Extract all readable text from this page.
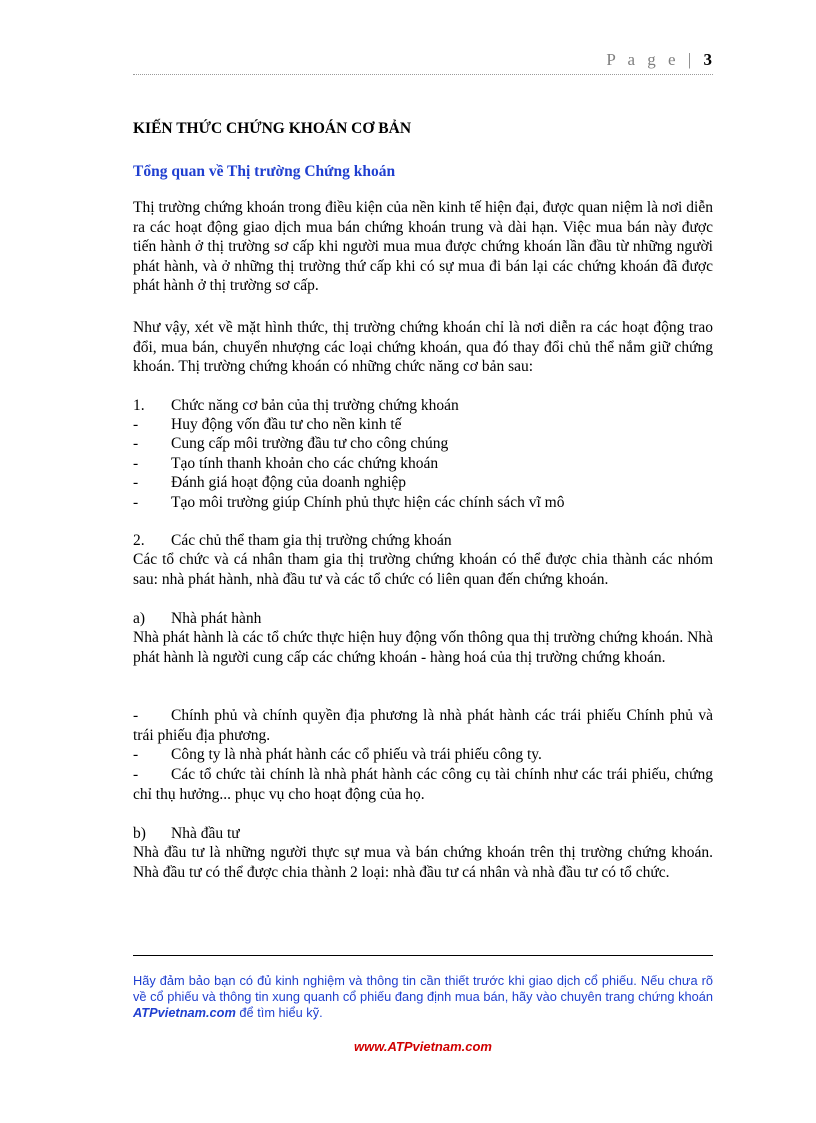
P a g e | 3
KIẾN THỨC CHỨNG KHOÁN CƠ BẢN
Tổng quan về Thị trường Chứng khoán
Thị trường chứng khoán trong điều kiện của nền kinh tế hiện đại, được quan niệm là nơi diễn ra các hoạt động giao dịch mua bán chứng khoán trung và dài hạn. Việc mua bán này được tiến hành ở thị trường sơ cấp khi người mua mua được chứng khoán lần đầu từ những người phát hành, và ở những thị trường thứ cấp khi có sự mua đi bán lại các chứng khoán đã được phát hành ở thị trường sơ cấp.
Như vậy, xét về mặt hình thức, thị trường chứng khoán chỉ là nơi diễn ra các hoạt động trao đổi, mua bán, chuyển nhượng các loại chứng khoán, qua đó thay đổi chủ thể nắm giữ chứng khoán. Thị trường chứng khoán có những chức năng cơ bản sau:
1. Chức năng cơ bản của thị trường chứng khoán
- Huy động vốn đầu tư cho nền kinh tế
- Cung cấp môi trường đầu tư cho công chúng
- Tạo tính thanh khoản cho các chứng khoán
- Đánh giá hoạt động của doanh nghiệp
- Tạo môi trường giúp Chính phủ thực hiện các chính sách vĩ mô
2. Các chủ thể tham gia thị trường chứng khoán
Các tổ chức và cá nhân tham gia thị trường chứng khoán có thể được chia thành các nhóm sau: nhà phát hành, nhà đầu tư và các tổ chức có liên quan đến chứng khoán.
a) Nhà phát hành
Nhà phát hành là các tổ chức thực hiện huy động vốn thông qua thị trường chứng khoán. Nhà phát hành là người cung cấp các chứng khoán - hàng hoá của thị trường chứng khoán.
- Chính phủ và chính quyền địa phương là nhà phát hành các trái phiếu Chính phủ và trái phiếu địa phương.
- Công ty là nhà phát hành các cổ phiếu và trái phiếu công ty.
- Các tổ chức tài chính là nhà phát hành các công cụ tài chính như các trái phiếu, chứng chỉ thụ hưởng... phục vụ cho hoạt động của họ.
b) Nhà đầu tư
Nhà đầu tư là những người thực sự mua và bán chứng khoán trên thị trường chứng khoán. Nhà đầu tư có thể được chia thành 2 loại: nhà đầu tư cá nhân và nhà đầu tư có tổ chức.
Hãy đảm bảo bạn có đủ kinh nghiệm và thông tin cần thiết trước khi giao dịch cổ phiếu. Nếu chưa rõ về cổ phiếu và thông tin xung quanh cổ phiếu đang định mua bán, hãy vào chuyên trang chứng khoán ATPvietnam.com để tìm hiểu kỹ.
www.ATPvietnam.com
